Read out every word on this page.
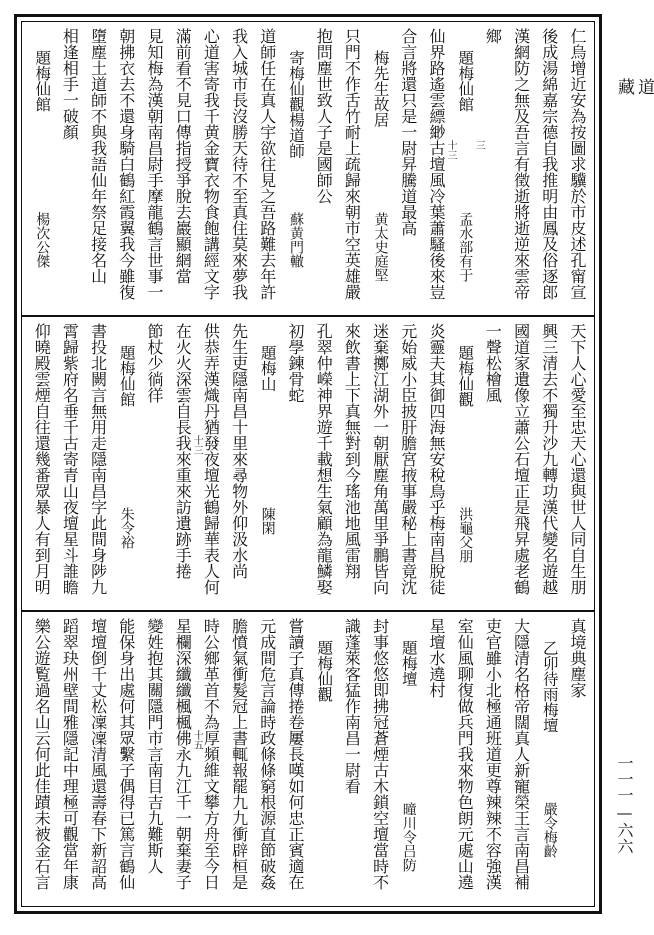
仁烏增近安為按圖求驥於市皮述孔甯宣
後成湯綿嘉宗德自我推明由鳳及俗逐郎
漢網防之無及吾言有徵逝將逝逆來雲帝
鄉
題梅仙館
三
孟水部有于
仙界路遙雲縹緲古壇風冷葉蕭騷後來豈 十三
合言將還只是一尉昇騰道最高
梅先生故居
黄太史庭堅
只門不作舌竹耐上疏歸來朝市空英雄嚴
抱問塵世致人子是國師公
寄梅仙觀楊道師
蘇黄門轍
道師任在真人宇欲往見之吾路難去年許
我入城市長沒勝天待不至真住莫來夢我
心道害寄我千黄金寶衣物食飽講經文字
滿前看不見口傳指授爭脫去巖顯網當
見知梅為漢朝南昌尉手摩龍鶴言世事一
朝拂衣去不還身騎白鶴紅霞翼我今雖復
墮塵土道師不與我語仙年祭足接名山
相逢相手一破顏
題梅仙館
楊次公傑
天下人心愛至忠天心還與世人同自生朋
興三清去不獨升沙九轉功漢代變名遊越
國道家遺像立蕭公石壇正是飛昇處老鶴
一聲松檜風
題梅仙觀
洪龜父朋
炎靈夫其御四海無安稅鳥乎梅南昌脫徒
元始威小臣披肝膽宮掖事嚴秘上書竟沈
迷棄擲江湖外一朝厭塵角萬里爭鵬皆向
來飲書上下真無對到今瑤池地風雷翔
孔翠仲嶸神界遊千載想生氣顧為龍鱗娶
初學鍊骨蛇
題梅山
陳閑
先生吏隱南昌十里來尋物外仰汲水尚
供恭弄漢熾丹猶發夜壇光鶴歸華表人何
在火火深雲自長我來重來訪遺跡手捲 十三
節杖少徜徉
題梅仙館
朱令裕
書投北闕言無用走隱南昌字此間身陟九
霄歸紫府名垂千古寄青山夜壇星斗誰瞻
仰曉殿雲煙自往還幾番眾暴人有到月明
真境典塵家
乙卯待雨梅壇
嚴令梅齡
大隱清名格帝闊真人新寵榮王言南昌補
吏官雖小北極通班道更尊辣辣不容強漢
室仙風聊復做兵門我來物色朗元處山遶
星壇水遶村
題梅壇
曈川令吕防
封事悠悠即拂冠蒼煙古木鎖空壇當時不
識蓬萊客猛作南昌一尉看
題梅仙觀
嘗讀子真傳捲卷屢長嘆如何忠正賓適在
元成間危言論時政條條窮根源直節破姦
膽憤氣衝髮冠上書輒報罷九九衝辟桓是
時公鄉革首不為厚頻維文攀方舟至今日
星欄深纖纖楓楓佛永九江千一朝棄妻子 十五
變姓抱其關隱門市言南目吉九難斯人
能保身出處何其眾繫子偶得已篤言鶴仙
壇壇倒千丈松凜凜清風還壽春下新詔高
蹈翠玦州壁間雅隱記中理極可觀當年康
樂公遊覧過名山云何此佳蹟未被金石言
道
藏
一一一—六六
